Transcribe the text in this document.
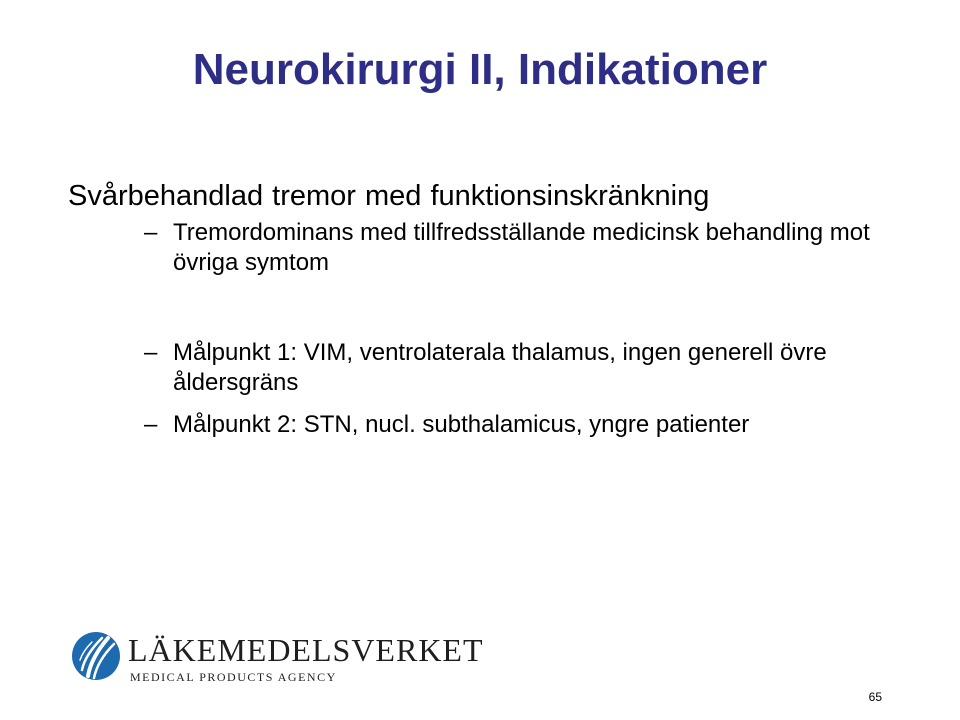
Neurokirurgi II, Indikationer

Svårbehandlad tremor med funktionsinskränkning

– Tremordominans med tillfredsställande medicinsk behandling mot övriga symtom
– Målpunkt 1: VIM, ventrolaterala thalamus, ingen generell övre åldersgräns
– Målpunkt 2: STN, nucl. subthalamicus, yngre patienter
LÄKEMEDELSVERKET
MEDICAL PRODUCTS AGENCY
65
